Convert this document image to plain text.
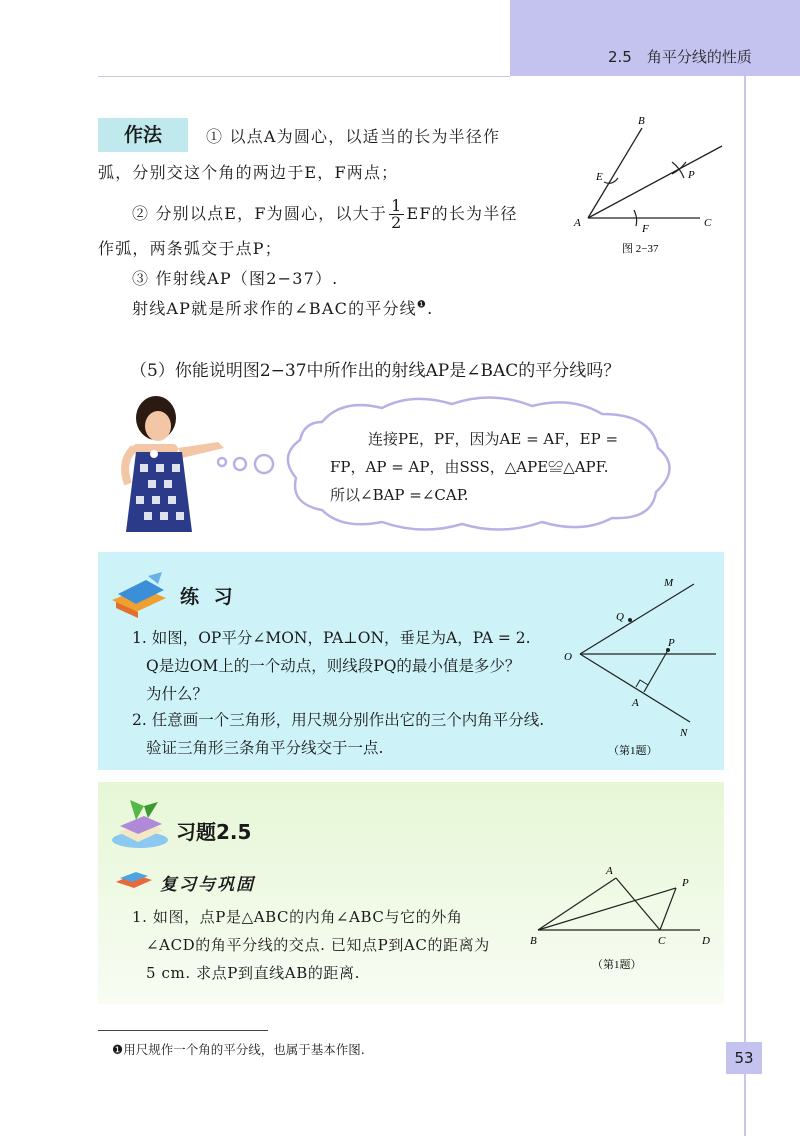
2.5　角平分线的性质
作法	① 以点A为圆心，以适当的长为半径作
弧，分别交这个角的两边于E，F两点；
② 分别以点E，F为圆心，以大于 $\frac{1}{2}$ EF的长为半径
作弧，两条弧交于点P；
③ 作射线AP（图2−37）.
射线AP就是所求作的∠BAC的平分线$^❶$.
B
E	P
A	F	C
图 2−37
（5）你能说明图2−37中所作出的射线AP是∠BAC的平分线吗？
连接PE，PF，因为AE = AF，EP =
FP，AP = AP，由SSS，△APE≌△APF.
所以∠BAP =∠CAP.
练 习
1. 如图，OP平分∠MON，PA⊥ON，垂足为A，PA = 2.
Q是边OM上的一个动点，则线段PQ的最小值是多少？
为什么？
2. 任意画一个三角形，用尺规分别作出它的三个内角平分线.
验证三角形三条角平分线交于一点.
M
Q
P
O
A
N
（第1题）
习题2.5
复习与巩固
1. 如图，点P是△ABC的内角∠ABC与它的外角
∠ACD的角平分线的交点. 已知点P到AC的距离为
5 cm. 求点P到直线AB的距离.
A
P
B	C	D
（第1题）
❶用尺规作一个角的平分线，也属于基本作图.	53
